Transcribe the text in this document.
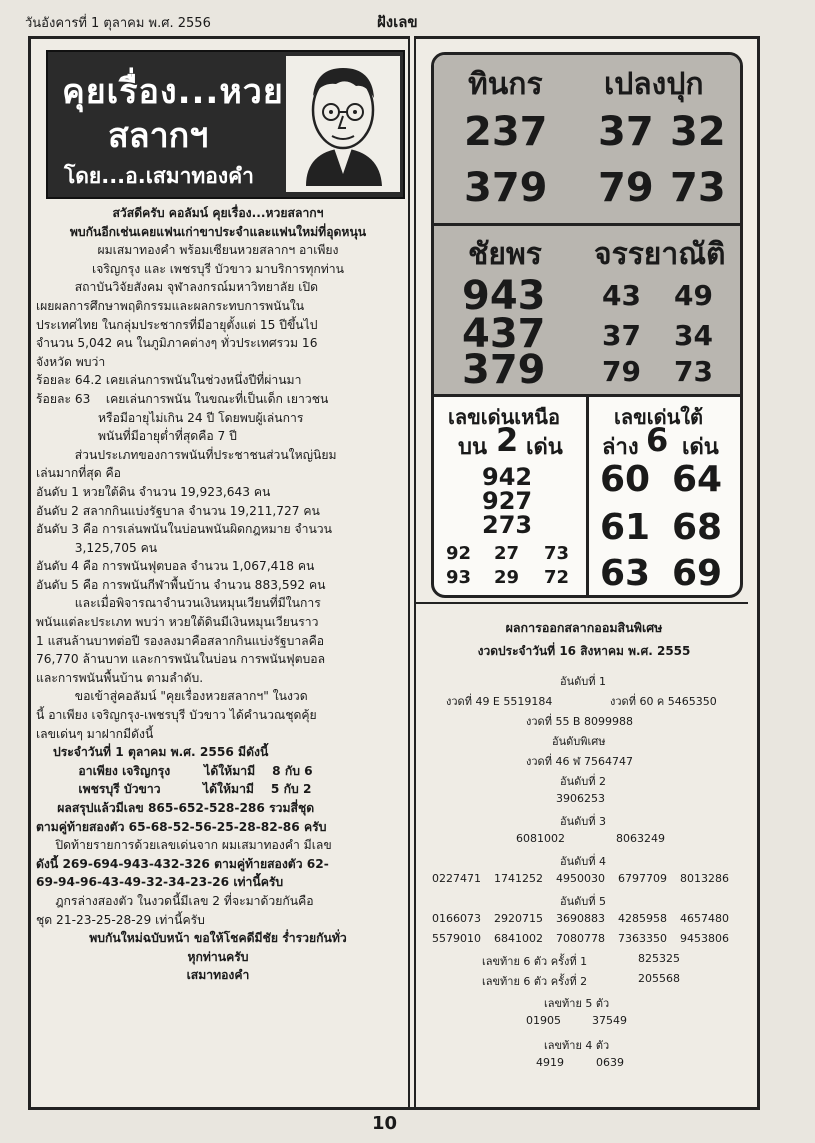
วันอังคารที่ 1 ตุลาคม พ.ศ. 2556	ฝังเลข
คุยเรื่อง...หวย
สลากฯ
โดย...อ.เสมาทองคำ
สวัสดีครับ คอลัมน์ คุยเรื่อง...หวยสลากฯ
พบกันอีกเช่นเคยแฟนเก่าขาประจำและแฟนใหม่ที่อุดหนุน
ผมเสมาทองคำ พร้อมเซียนหวยสลากฯ อาเพียง
เจริญกรุง และ เพชรบุรี บัวขาว มาบริการทุกท่าน
สถาบันวิจัยสังคม จุฬาลงกรณ์มหาวิทยาลัย เปิด
เผยผลการศึกษาพฤติกรรมและผลกระทบการพนันใน
ประเทศไทย ในกลุ่มประชากรที่มีอายุตั้งแต่ 15 ปีขึ้นไป
จำนวน 5,042 คน ในภูมิภาคต่างๆ ทั่วประเทศรวม 16
จังหวัด พบว่า
ร้อยละ 64.2 เคยเล่นการพนันในช่วงหนึ่งปีที่ผ่านมา
ร้อยละ 63    เคยเล่นการพนัน ในขณะที่เป็นเด็ก เยาวชน
หรือมีอายุไม่เกิน 24 ปี โดยพบผู้เล่นการ
พนันที่มีอายุต่ำที่สุดคือ 7 ปี
ส่วนประเภทของการพนันที่ประชาชนส่วนใหญ่นิยม
เล่นมากที่สุด คือ
อันดับ 1 หวยใต้ดิน จำนวน 19,923,643 คน
อันดับ 2 สลากกินแบ่งรัฐบาล จำนวน 19,211,727 คน
อันดับ 3 คือ การเล่นพนันในบ่อนพนันผิดกฎหมาย จำนวน
3,125,705 คน
อันดับ 4 คือ การพนันฟุตบอล จำนวน 1,067,418 คน
อันดับ 5 คือ การพนันกีฬาพื้นบ้าน จำนวน 883,592 คน
และเมื่อพิจารณาจำนวนเงินหมุนเวียนที่มีในการ
พนันแต่ละประเภท พบว่า หวยใต้ดินมีเงินหมุนเวียนราว
1 แสนล้านบาทต่อปี รองลงมาคือสลากกินแบ่งรัฐบาลคือ
76,770 ล้านบาท และการพนันในบ่อน การพนันฟุตบอล
และการพนันพื้นบ้าน ตามลำดับ.
ขอเข้าสู่คอลัมน์ "คุยเรื่องหวยสลากฯ" ในงวด
นี้ อาเพียง เจริญกรุง-เพชรบุรี บัวขาว ได้คำนวณชุดคุ้ย
เลขเด่นๆ มาฝากมีดังนี้
ประจำวันที่ 1 ตุลาคม พ.ศ. 2556 มีดังนี้
อาเพียง เจริญกรุง        ได้ให้มามี    8 กับ 6
เพชรบุรี บัวขาว          ได้ให้มามี    5 กับ 2
ผลสรุปแล้วมีเลข 865-652-528-286 รวมสี่ชุด
ตามคู่ท้ายสองตัว 65-68-52-56-25-28-82-86 ครับ
ปิดท้ายรายการด้วยเลขเด่นจาก ผมเสมาทองคำ มีเลข
ดังนี้ 269-694-943-432-326 ตามคู่ท้ายสองตัว 62-
69-94-96-43-49-32-34-23-26 เท่านี้ครับ
ฎกรล่างสองตัว ในงวดนี้มีเลข 2 ที่จะมาด้วยกันคือ
ชุด 21-23-25-28-29 เท่านี้ครับ
พบกันใหม่ฉบับหน้า ขอให้โชคดีมีชัย ร่ำรวยกันทั่ว
หุกท่านครับ
เสมาทองคำ
ทินกร เปลงปุก
237 37 32
379 79 73
ชัยพร จรรยาณัติ
943 43 49
437 37 34
379 79 73
เลขเด่นเหนือ
บน 2 เด่น
942
927
273
92 27 73
93 29 72
เลขเด่นใต้
ล่าง 6 เด่น
60 64
61 68
63 69
ผลการออกสลากออมสินพิเศษ
งวดประจำวันที่ 16 สิงหาคม พ.ศ. 2555
อันดับที่ 1
งวดที่ 49 E 5519184	งวดที่ 60 ค 5465350
งวดที่ 55 B 8099988
อันดับพิเศษ
งวดที่ 46 ฬ 7564747
อันดับที่ 2
3906253
อันดับที่ 3
6081002	8063249
อันดับที่ 4
0227471 1741252 4950030 6797709 8013286
อันดับที่ 5
0166073 2920715 3690883 4285958 4657480
5579010 6841002 7080778 7363350 9453806
เลขท้าย 6 ตัว ครั้งที่ 1	825325
เลขท้าย 6 ตัว ครั้งที่ 2	205568
เลขท้าย 5 ตัว
01905	37549
เลขท้าย 4 ตัว
4919	0639
10
